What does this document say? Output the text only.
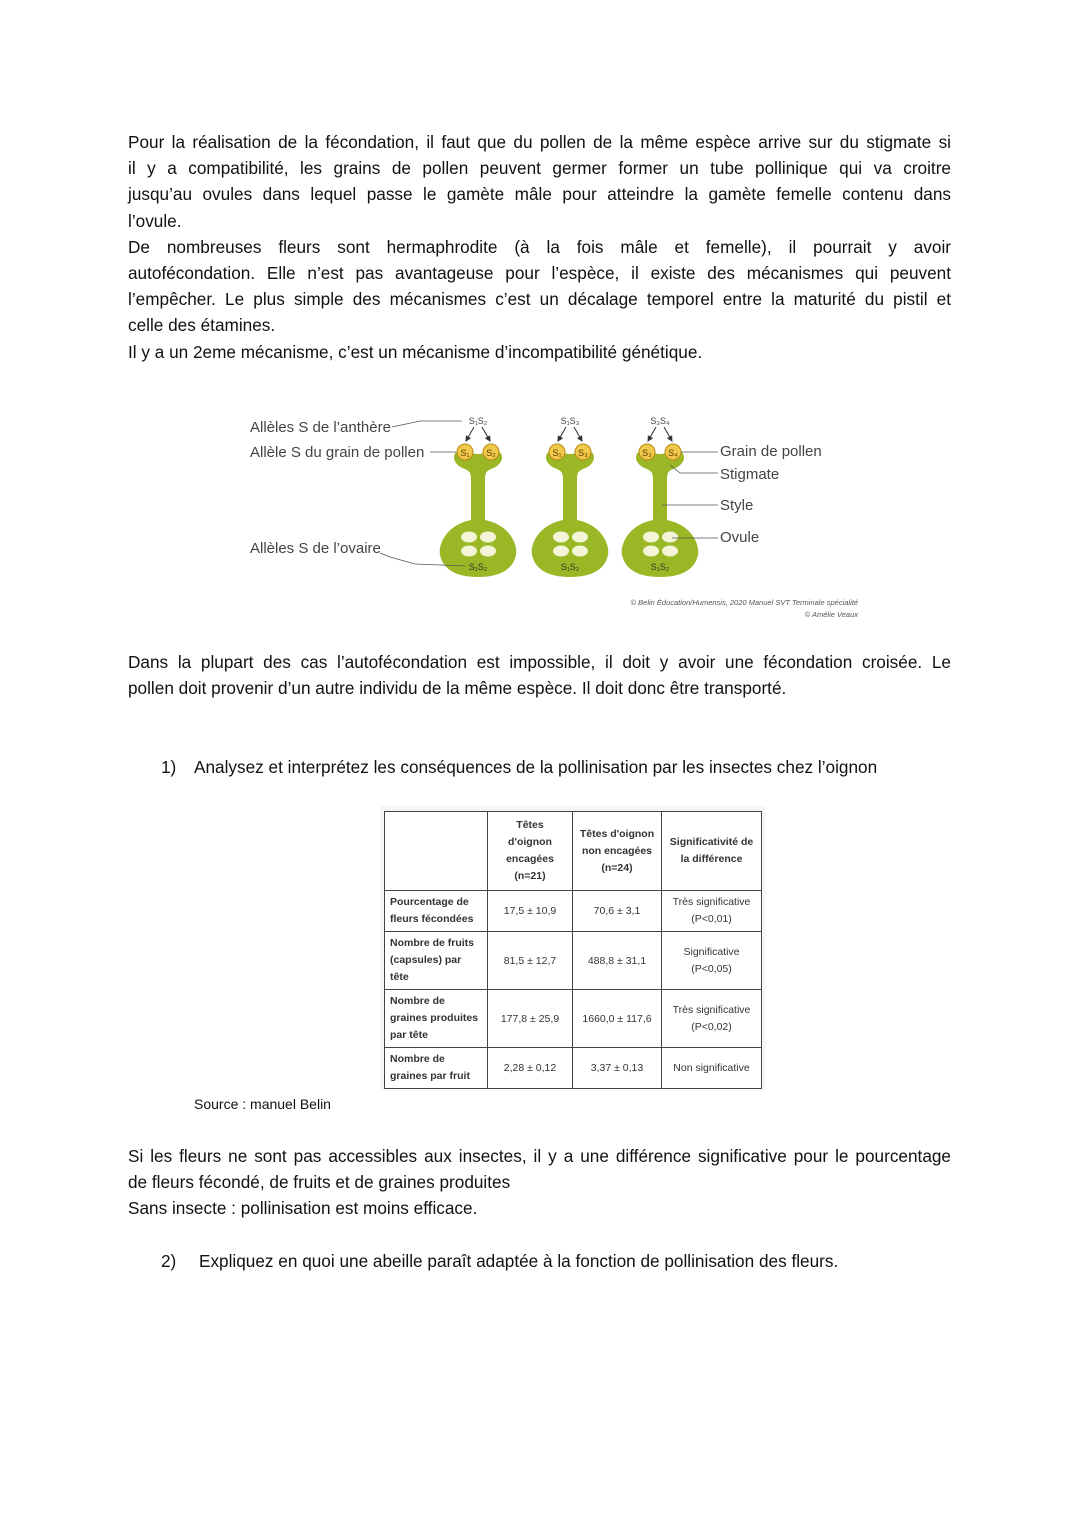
Pour la réalisation de la fécondation, il faut que du pollen de la même espèce arrive sur du stigmate si

il y a compatibilité, les grains de pollen peuvent germer former un tube pollinique qui va croitre

jusqu’au ovules dans lequel passe le gamète mâle pour atteindre la gamète femelle contenu dans

l’ovule.

De nombreuses fleurs sont hermaphrodite (à la fois mâle et femelle), il pourrait y avoir

autofécondation. Elle n’est pas avantageuse pour l’espèce, il existe des mécanismes qui peuvent

l’empêcher. Le plus simple des mécanismes c’est un décalage temporel entre la maturité du pistil et

celle des étamines.

Il y a un 2eme mécanisme, c’est un mécanisme d’incompatibilité génétique.

S₁S₂
S₁ S₂
S₁S₂
S₁S₃
S₁ S₃
S₁S₂
S₃S₄
S₃ S₄
S₁S₂
Allèles S de l’anthère
Allèle S du grain de pollen
Allèles S de l’ovaire
Grain de pollen
Stigmate
Style
Ovule
© Belin Éducation/Humensis, 2020 Manuel SVT Terminale spécialité
© Amélie Veaux

Dans la plupart des cas l’autofécondation est impossible, il doit y avoir une fécondation croisée. Le

pollen doit provenir d’un autre individu de la même espèce. Il doit donc être transporté.

1) Analysez et interprétez les conséquences de la pollinisation par les insectes chez l’oignon
	Têtes
d'oignon
encagées
(n=21)	Têtes d'oignon
non encagées
(n=24)	Significativité de
la différence
Pourcentage de
fleurs fécondées	17,5 ± 10,9	70,6 ± 3,1	Très significative
(P<0,01)
Nombre de fruits
(capsules) par
tête	81,5 ± 12,7	488,8 ± 31,1	Significative
(P<0,05)
Nombre de
graines produites
par tête	177,8 ± 25,9	1660,0 ± 117,6	Très significative
(P<0,02)
Nombre de
graines par fruit	2,28 ± 0,12	3,37 ± 0,13	Non significative
Source : manuel Belin

Si les fleurs ne sont pas accessibles aux insectes, il y a une différence significative pour le pourcentage

de fleurs fécondé, de fruits et de graines produites

Sans insecte : pollinisation est moins efficace.

2) Expliquez en quoi une abeille paraît adaptée à la fonction de pollinisation des fleurs.
